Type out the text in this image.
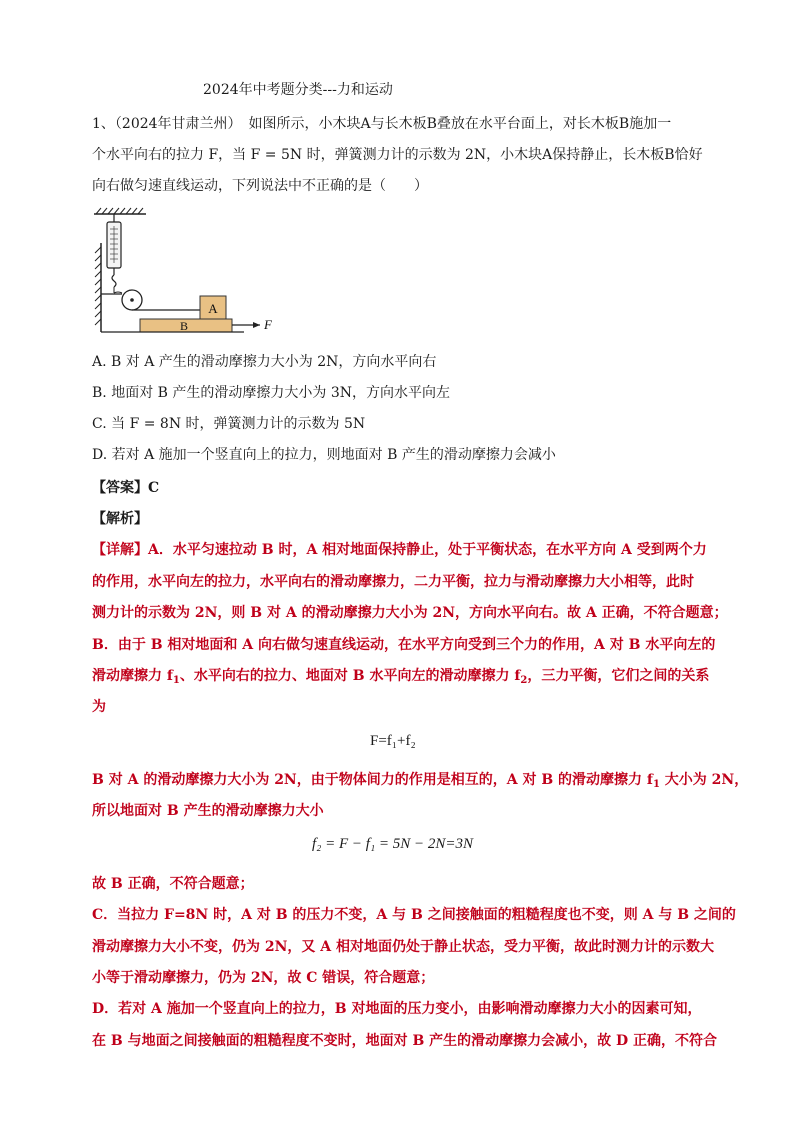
2024年中考题分类---力和运动
1、（2024年甘肃兰州）　如图所示，小木块A与长木板B叠放在水平台面上，对长木板B施加一
个水平向右的拉力 F，当 F = 5N 时，弹簧测力计的示数为 2N，小木块A保持静止，长木板B恰好
向右做匀速直线运动，下列说法中不正确的是（　　）
A
B	F
A. B 对 A 产生的滑动摩擦力大小为 2N，方向水平向右
B. 地面对 B 产生的滑动摩擦力大小为 3N，方向水平向左
C. 当 F = 8N 时，弹簧测力计的示数为 5N
D. 若对 A 施加一个竖直向上的拉力，则地面对 B 产生的滑动摩擦力会减小
【答案】C
【解析】
【详解】A．水平匀速拉动 B 时，A 相对地面保持静止，处于平衡状态，在水平方向 A 受到两个力
的作用，水平向左的拉力，水平向右的滑动摩擦力，二力平衡，拉力与滑动摩擦力大小相等，此时
测力计的示数为 2N，则 B 对 A 的滑动摩擦力大小为 2N，方向水平向右。故 A 正确，不符合题意；
B．由于 B 相对地面和 A 向右做匀速直线运动，在水平方向受到三个力的作用，A 对 B 水平向左的
滑动摩擦力 $f_1$、水平向右的拉力、地面对 B 水平向左的滑动摩擦力 $f_2$，三力平衡，它们之间的关系
为
F=f₁+f₂
B 对 A 的滑动摩擦力大小为 2N，由于物体间力的作用是相互的，A 对 B 的滑动摩擦力 $f_1$ 大小为 2N，
所以地面对 B 产生的滑动摩擦力大小
f₂ = F − f₁ = 5N − 2N=3N
故 B 正确，不符合题意；
C．当拉力 F=8N 时，A 对 B 的压力不变，A 与 B 之间接触面的粗糙程度也不变，则 A 与 B 之间的
滑动摩擦力大小不变，仍为 2N，又 A 相对地面仍处于静止状态，受力平衡，故此时测力计的示数大
小等于滑动摩擦力，仍为 2N，故 C 错误，符合题意；
D．若对 A 施加一个竖直向上的拉力，B 对地面的压力变小，由影响滑动摩擦力大小的因素可知，
在 B 与地面之间接触面的粗糙程度不变时，地面对 B 产生的滑动摩擦力会减小，故 D 正确，不符合
